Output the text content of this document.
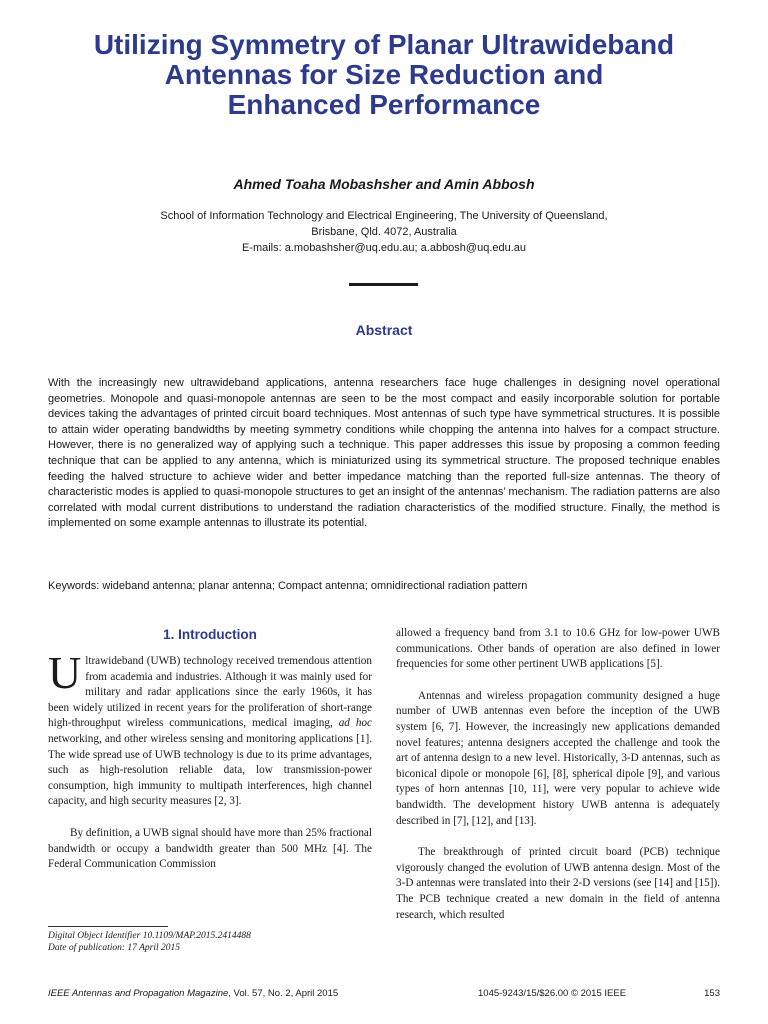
Utilizing Symmetry of Planar Ultrawideband
Antennas for Size Reduction and
Enhanced Performance
Ahmed Toaha Mobashsher and Amin Abbosh
School of Information Technology and Electrical Engineering, The University of Queensland,
Brisbane, Qld. 4072, Australia
E-mails: a.mobashsher@uq.edu.au; a.abbosh@uq.edu.au
Abstract

With the increasingly new ultrawideband applications, antenna researchers face huge challenges in designing novel operational geometries. Monopole and quasi-monopole antennas are seen to be the most compact and easily incorporable solution for portable devices taking the advantages of printed circuit board techniques. Most antennas of such type have symmetrical structures. It is possible to attain wider operating bandwidths by meeting symmetry conditions while chopping the antenna into halves for a compact structure. However, there is no generalized way of applying such a technique. This paper addresses this issue by proposing a common feeding technique that can be applied to any antenna, which is miniaturized using its symmetrical structure. The proposed technique enables feeding the halved structure to achieve wider and better impedance matching than the reported full-size antennas. The theory of characteristic modes is applied to quasi-monopole structures to get an insight of the antennas’ mechanism. The radiation patterns are also correlated with modal current distributions to understand the radiation characteristics of the modified structure. Finally, the method is implemented on some example antennas to illustrate its potential.

Keywords: wideband antenna; planar antenna; Compact antenna; omnidirectional radiation pattern
1. Introduction

Ultrawideband (UWB) technology received tremendous attention from academia and industries. Although it was mainly used for military and radar applications since the early 1960s, it has been widely utilized in recent years for the proliferation of short-range high-throughput wireless communications, medical imaging, ad hoc networking, and other wireless sensing and monitoring applications [1]. The wide spread use of UWB technology is due to its prime advantages, such as high-resolution reliable data, low transmission-power consumption, high immunity to multipath interferences, high channel capacity, and high security measures [2, 3].

By definition, a UWB signal should have more than 25% fractional bandwidth or occupy a bandwidth greater than 500 MHz [4]. The Federal Communication Commission

allowed a frequency band from 3.1 to 10.6 GHz for low-power UWB communications. Other bands of operation are also defined in lower frequencies for some other pertinent UWB applications [5].

Antennas and wireless propagation community designed a huge number of UWB antennas even before the inception of the UWB system [6, 7]. However, the increasingly new applications demanded novel features; antenna designers accepted the challenge and took the art of antenna design to a new level. Historically, 3-D antennas, such as biconical dipole or monopole [6], [8], spherical dipole [9], and various types of horn antennas [10, 11], were very popular to achieve wide bandwidth. The development history UWB antenna is adequately described in [7], [12], and [13].

The breakthrough of printed circuit board (PCB) technique vigorously changed the evolution of UWB antenna design. Most of the 3-D antennas were translated into their 2-D versions (see [14] and [15]). The PCB technique created a new domain in the field of antenna research, which resulted

Digital Object Identifier 10.1109/MAP.2015.2414488
Date of publication: 17 April 2015
IEEE Antennas and Propagation Magazine, Vol. 57, No. 2, April 2015	1045-9243/15/$26.00 © 2015 IEEE	153
